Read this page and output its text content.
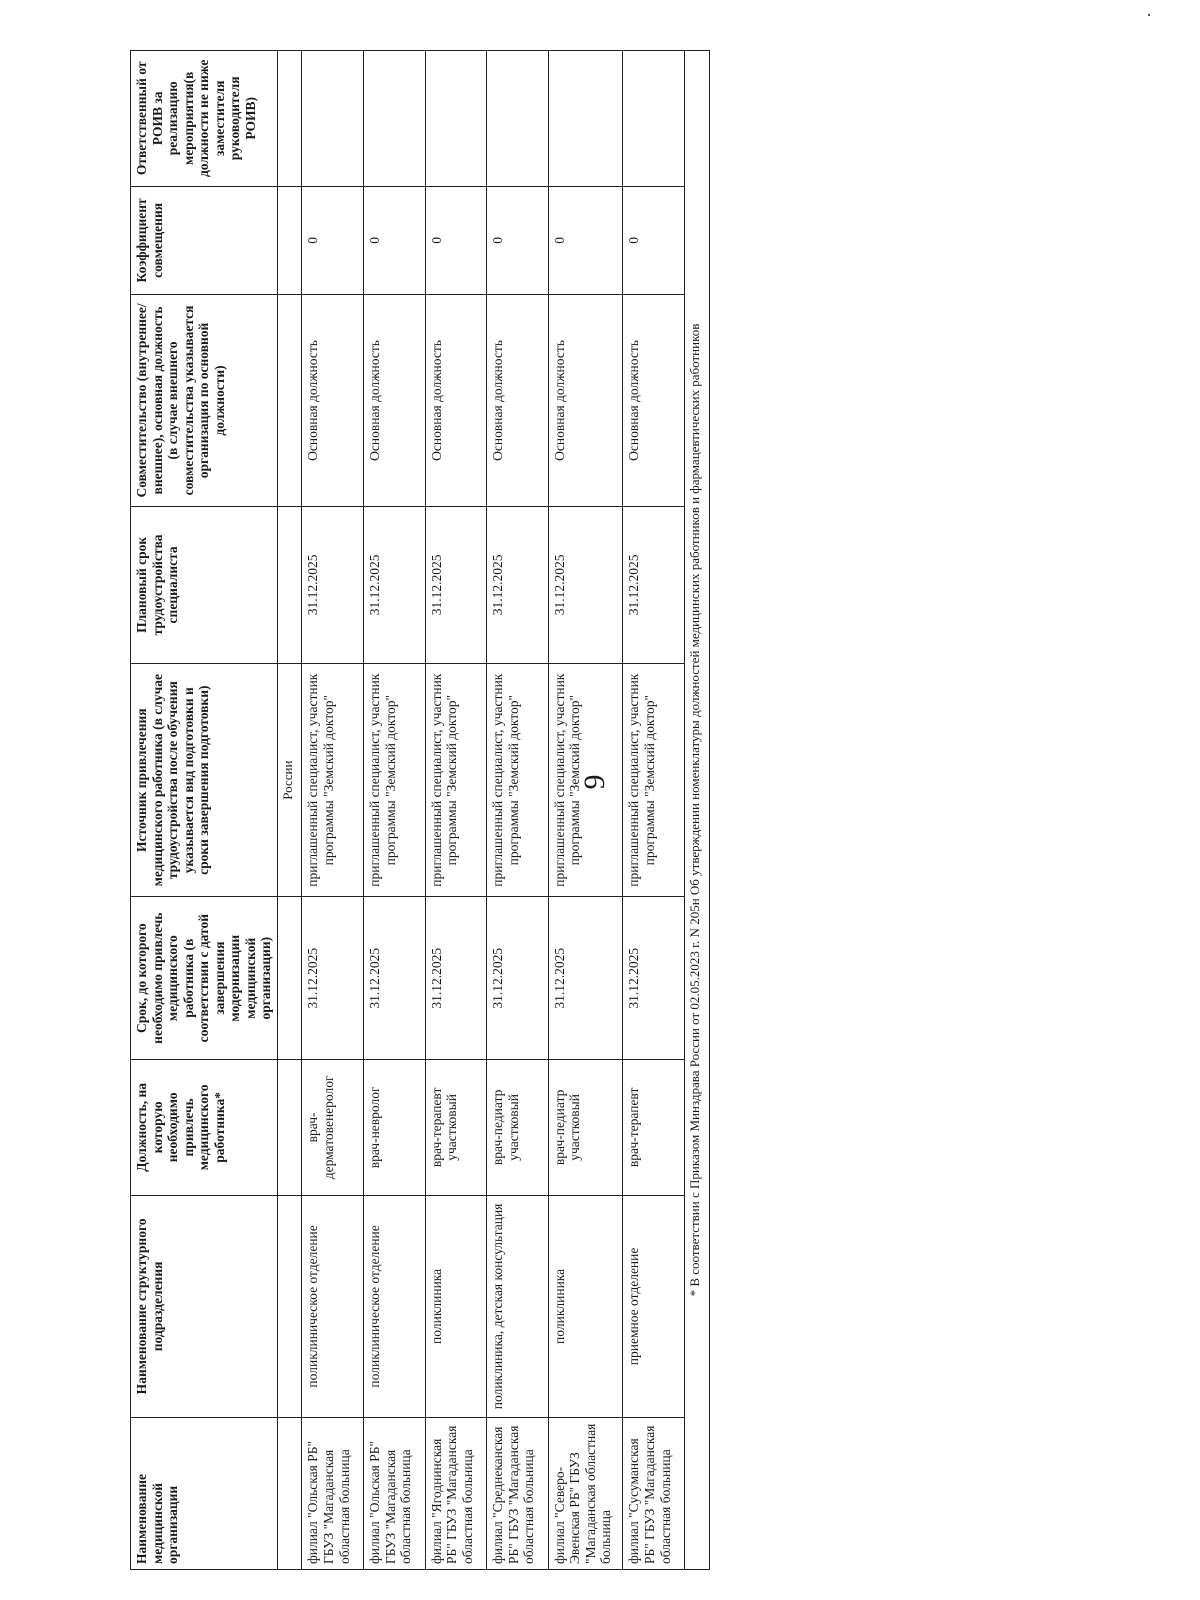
9
Наименование медицинской организации	Наименование структурного подразделения	Должность, на которую необходимо привлечь медицинского работника*	Срок, до которого необходимо привлечь медицинского работника (в соответствии с датой завершения модернизации медицинской организации)	Источник привлечения медицинского работника (в случае трудоустройства после обучения указывается вид подготовки и сроки завершения подготовки)	Плановый срок трудоустройства специалиста	Совместительство (внутреннее/внешнее), основная должность (в случае внешнего совместительства указывается организация по основной должности)	Коэффициент совмещения	Ответственный от РОИВ за реализацию мероприятия(в должности не ниже заместителя руководителя РОИВ)
				России				
филиал "Ольская РБ" ГБУЗ "Магаданская областная больница	поликлиническое отделение	врач-дерматовенеролог	31.12.2025	приглашенный специалист, участник программы "Земский доктор"	31.12.2025	Основная должность	0	
филиал "Ольская РБ" ГБУЗ "Магаданская областная больница	поликлиническое отделение	врач-невролог	31.12.2025	приглашенный специалист, участник программы "Земский доктор"	31.12.2025	Основная должность	0	
филиал "Ягоднинская РБ" ГБУЗ "Магаданская областная больница	поликлиника	врач-терапевт участковый	31.12.2025	приглашенный специалист, участник программы "Земский доктор"	31.12.2025	Основная должность	0	
филиал "Среднеканская РБ" ГБУЗ "Магаданская областная больница	поликлиника, детская консультация	врач-педиатр участковый	31.12.2025	приглашенный специалист, участник программы "Земский доктор"	31.12.2025	Основная должность	0	
филиал "Северо-Эвенская РБ" ГБУЗ "Магаданская областная больница	поликлиника	врач-педиатр участковый	31.12.2025	приглашенный специалист, участник программы "Земский доктор"	31.12.2025	Основная должность	0	
филиал "Сусуманская РБ" ГБУЗ "Магаданская областная больница	приемное отделение	врач-терапевт	31.12.2025	приглашенный специалист, участник программы "Земский доктор"	31.12.2025	Основная должность	0	
* В соответствии с Приказом Минздрава России от 02.05.2023 г. N 205н Об утверждении номенклатуры должностей медицинских работников и фармацевтических работников								
